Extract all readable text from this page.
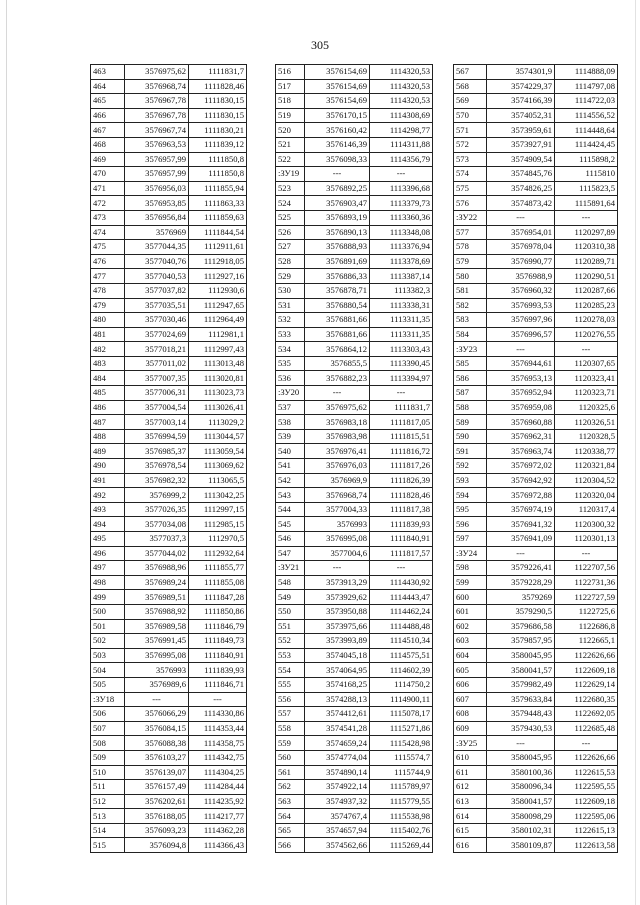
305
463	3576975,62	1111831,7
464	3576968,74	1111828,46
465	3576967,78	1111830,15
466	3576967,78	1111830,15
467	3576967,74	1111830,21
468	3576963,53	1111839,12
469	3576957,99	1111850,8
470	3576957,99	1111850,8
471	3576956,03	1111855,94
472	3576953,85	1111863,33
473	3576956,84	1111859,63
474	3576969	1111844,54
475	3577044,35	1112911,61
476	3577040,76	1112918,05
477	3577040,53	1112927,16
478	3577037,82	1112930,6
479	3577035,51	1112947,65
480	3577030,46	1112964,49
481	3577024,69	1112981,1
482	3577018,21	1112997,43
483	3577011,02	1113013,48
484	3577007,35	1113020,81
485	3577006,31	1113023,73
486	3577004,54	1113026,41
487	3577003,14	1113029,2
488	3576994,59	1113044,57
489	3576985,37	1113059,54
490	3576978,54	1113069,62
491	3576982,32	1113065,5
492	3576999,2	1113042,25
493	3577026,35	1112997,15
494	3577034,08	1112985,15
495	3577037,3	1112970,5
496	3577044,02	1112932,64
497	3576988,96	1111855,77
498	3576989,24	1111855,08
499	3576989,51	1111847,28
500	3576988,92	1111850,86
501	3576989,58	1111846,79
502	3576991,45	1111849,73
503	3576995,08	1111840,91
504	3576993	1111839,93
505	3576989,6	1111846,71
:ЗУ18	---	---
506	3576066,29	1114330,86
507	3576084,15	1114353,44
508	3576088,38	1114358,75
509	3576103,27	1114342,75
510	3576139,07	1114304,25
511	3576157,49	1114284,44
512	3576202,61	1114235,92
513	3576188,05	1114217,77
514	3576093,23	1114362,28
515	3576094,8	1114366,43
516	3576154,69	1114320,53
517	3576154,69	1114320,53
518	3576154,69	1114320,53
519	3576170,15	1114308,69
520	3576160,42	1114298,77
521	3576146,39	1114311,88
522	3576098,33	1114356,79
:ЗУ19	---	---
523	3576892,25	1113396,68
524	3576903,47	1113379,73
525	3576893,19	1113360,36
526	3576890,13	1113348,08
527	3576888,93	1113376,94
528	3576891,69	1113378,69
529	3576886,33	1113387,14
530	3576878,71	1113382,3
531	3576880,54	1113338,31
532	3576881,66	1113311,35
533	3576881,66	1113311,35
534	3576864,12	1113303,43
535	3576855,5	1113390,45
536	3576882,23	1113394,97
:ЗУ20	---	---
537	3576975,62	1111831,7
538	3576983,18	1111817,05
539	3576983,98	1111815,51
540	3576976,41	1111816,72
541	3576976,03	1111817,26
542	3576969,9	1111826,39
543	3576968,74	1111828,46
544	3577004,33	1111817,38
545	3576993	1111839,93
546	3576995,08	1111840,91
547	3577004,6	1111817,57
:ЗУ21	---	---
548	3573913,29	1114430,92
549	3573929,62	1114443,47
550	3573950,88	1114462,24
551	3573975,66	1114488,48
552	3573993,89	1114510,34
553	3574045,18	1114575,51
554	3574064,95	1114602,39
555	3574168,25	1114750,2
556	3574288,13	1114900,11
557	3574412,61	1115078,17
558	3574541,28	1115271,86
559	3574659,24	1115428,98
560	3574774,04	1115574,7
561	3574890,14	1115744,9
562	3574922,14	1115789,97
563	3574937,32	1115779,55
564	3574767,4	1115538,98
565	3574657,94	1115402,76
566	3574562,66	1115269,44
567	3574301,9	1114888,09
568	3574229,37	1114797,08
569	3574166,39	1114722,03
570	3574052,31	1114556,52
571	3573959,61	1114448,64
572	3573927,91	1114424,45
573	3574909,54	1115898,2
574	3574845,76	1115810
575	3574826,25	1115823,5
576	3574873,42	1115891,64
:ЗУ22	---	---
577	3576954,01	1120297,89
578	3576978,04	1120310,38
579	3576990,77	1120289,71
580	3576988,9	1120290,51
581	3576960,32	1120287,66
582	3576993,53	1120285,23
583	3576997,96	1120278,03
584	3576996,57	1120276,55
:ЗУ23	---	---
585	3576944,61	1120307,65
586	3576953,13	1120323,41
587	3576952,94	1120323,71
588	3576959,08	1120325,6
589	3576960,88	1120326,51
590	3576962,31	1120328,5
591	3576963,74	1120338,77
592	3576972,02	1120321,84
593	3576942,92	1120304,52
594	3576972,88	1120320,04
595	3576974,19	1120317,4
596	3576941,32	1120300,32
597	3576941,09	1120301,13
:ЗУ24	---	---
598	3579226,41	1122707,56
599	3579228,29	1122731,36
600	3579269	1122727,59
601	3579290,5	1122725,6
602	3579686,58	1122686,8
603	3579857,95	1122665,1
604	3580045,95	1122626,66
605	3580041,57	1122609,18
606	3579982,49	1122629,14
607	3579633,84	1122680,35
608	3579448,43	1122692,05
609	3579430,53	1122685,48
:ЗУ25	---	---
610	3580045,95	1122626,66
611	3580100,36	1122615,53
612	3580096,34	1122595,55
613	3580041,57	1122609,18
614	3580098,29	1122595,06
615	3580102,31	1122615,13
616	3580109,87	1122613,58
